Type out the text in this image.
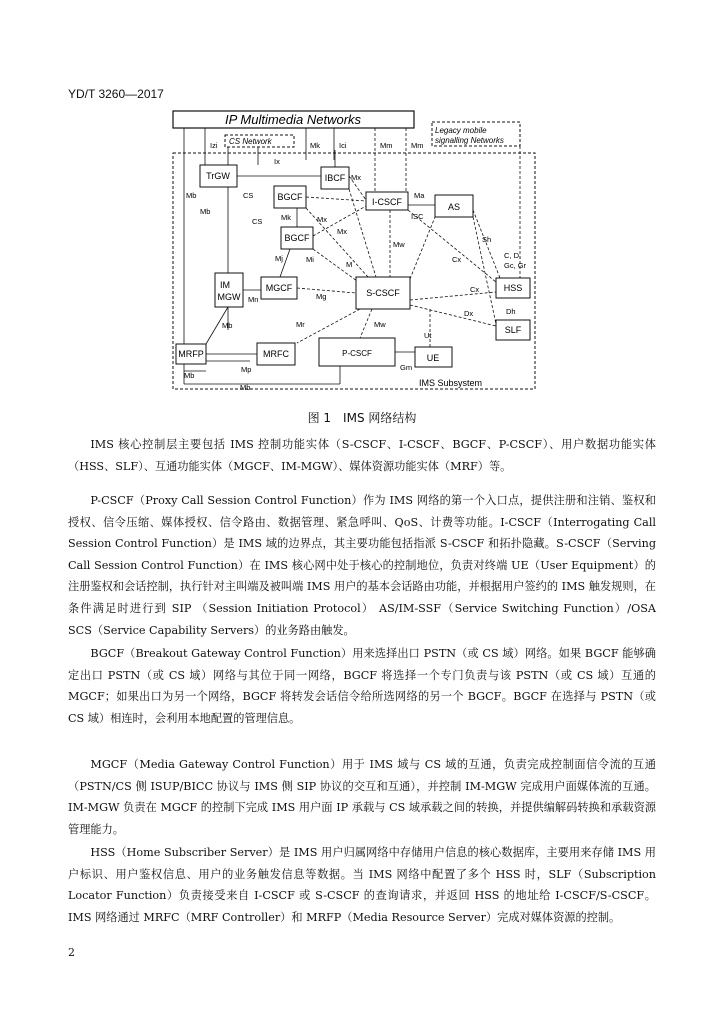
YD/T 3260—2017
IP Multimedia Networks
CS Network
Legacy mobile
signalling Networks
IMS Subsystem
TrGW
BGCF
IBCF
I-CSCF	AS
BGCF
IM
MGW
MGCF	S-CSCF	HSS
SLF
MRFC	P-CSCF	UE
MRFP
Izi	Mk	Ici	Mm Mm
Ix
Mx
Mb
Mb
CS
CS Mk	Mx
Mx
Ma
ISC
Sh
Cx	C, D,
Gc, Gr
Mw
Mj	Mi
M
Mg
Mn
Cx
Dh
Dx
Mb	Mr	Mw
Ut
Mp
Mb
Mb
Gm
图 1　IMS 网络结构

IMS 核心控制层主要包括 IMS 控制功能实体（S-CSCF、I-CSCF、BGCF、P-CSCF）、用户数据功能实体（HSS、SLF）、互通功能实体（MGCF、IM-MGW）、媒体资源功能实体（MRF）等。

P-CSCF（Proxy Call Session Control Function）作为 IMS 网络的第一个入口点，提供注册和注销、鉴权和授权、信令压缩、媒体授权、信令路由、数据管理、紧急呼叫、QoS、计费等功能。I-CSCF（Interrogating Call Session Control Function）是 IMS 域的边界点，其主要功能包括指派 S-CSCF 和拓扑隐藏。S-CSCF（Serving Call Session Control Function）在 IMS 核心网中处于核心的控制地位，负责对终端 UE（User Equipment）的注册鉴权和会话控制，执行针对主叫端及被叫端 IMS 用户的基本会话路由功能，并根据用户签约的 IMS 触发规则，在条件满足时进行到 SIP （Session Initiation Protocol） AS/IM-SSF（Service Switching Function）/OSA SCS（Service Capability Servers）的业务路由触发。

BGCF（Breakout Gateway Control Function）用来选择出口 PSTN（或 CS 域）网络。如果 BGCF 能够确定出口 PSTN（或 CS 域）网络与其位于同一网络，BGCF 将选择一个专门负责与该 PSTN（或 CS 域）互通的 MGCF；如果出口为另一个网络，BGCF 将转发会话信令给所选网络的另一个 BGCF。BGCF 在选择与 PSTN（或 CS 域）相连时，会利用本地配置的管理信息。

MGCF（Media Gateway Control Function）用于 IMS 域与 CS 域的互通，负责完成控制面信令流的互通（PSTN/CS 侧 ISUP/BICC 协议与 IMS 侧 SIP 协议的交互和互通），并控制 IM-MGW 完成用户面媒体流的互通。IM-MGW 负责在 MGCF 的控制下完成 IMS 用户面 IP 承载与 CS 域承载之间的转换，并提供编解码转换和承载资源管理能力。

HSS（Home Subscriber Server）是 IMS 用户归属网络中存储用户信息的核心数据库，主要用来存储 IMS 用户标识、用户鉴权信息、用户的业务触发信息等数据。当 IMS 网络中配置了多个 HSS 时，SLF（Subscription Locator Function）负责接受来自 I-CSCF 或 S-CSCF 的查询请求，并返回 HSS 的地址给 I-CSCF/S-CSCF。IMS 网络通过 MRFC（MRF Controller）和 MRFP（Media Resource Server）完成对媒体资源的控制。

2
